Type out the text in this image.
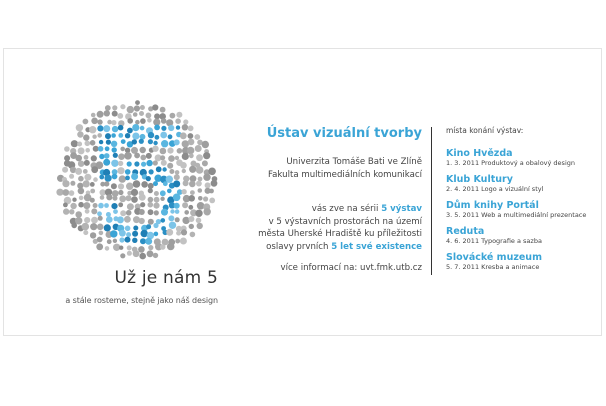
Už je nám 5
a stále rosteme, stejně jako náš design
Ústav vizuální tvorby
Univerzita Tomáše Bati ve Zlíně
Fakulta multimediálních komunikací
vás zve na sérii 5 výstav
v 5 výstavních prostorách na území
města Uherské Hradiště ku příležitosti
oslavy prvních 5 let své existence
více informací na: uvt.fmk.utb.cz
místa konání výstav:
Kino Hvězda
1. 3. 2011 Produktový a obalový design
Klub Kultury
2. 4. 2011 Logo a vizuální styl
Dům knihy Portál
3. 5. 2011 Web a multimediální prezentace
Reduta
4. 6. 2011 Typografie a sazba
Slovácké muzeum
5. 7. 2011 Kresba a animace
